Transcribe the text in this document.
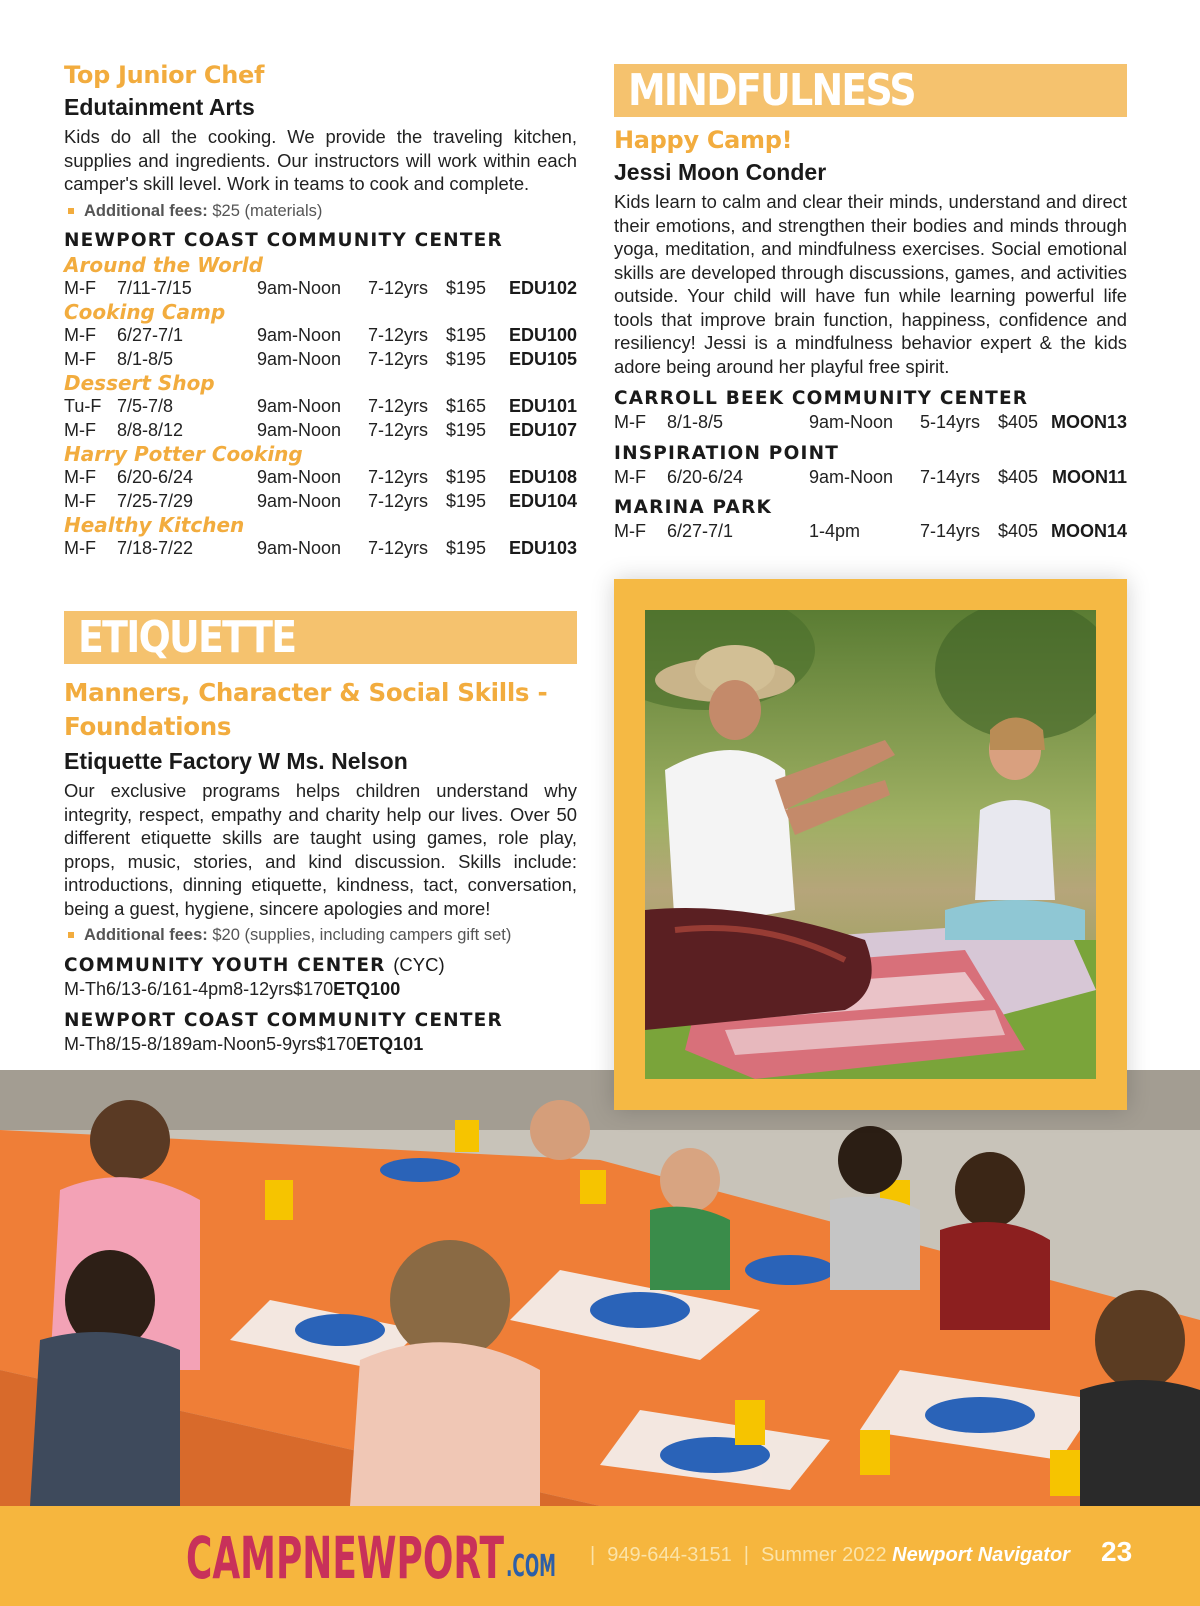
Top Junior Chef
Edutainment Arts
Kids do all the cooking. We provide the traveling kitchen, supplies and ingredients. Our instructors will work within each camper's skill level. Work in teams to cook and complete.
Additional fees: $25 (materials)
NEWPORT COAST COMMUNITY CENTER
Around the World
M-F	7/11-7/15	9am-Noon	7-12yrs $195	EDU102
Cooking Camp
M-F	6/27-7/1	9am-Noon	7-12yrs $195	EDU100
M-F	8/1-8/5	9am-Noon	7-12yrs $195	EDU105
Dessert Shop
Tu-F 7/5-7/8	9am-Noon	7-12yrs $165	EDU101
M-F	8/8-8/12	9am-Noon	7-12yrs $195	EDU107
Harry Potter Cooking
M-F	6/20-6/24	9am-Noon	7-12yrs $195	EDU108
M-F	7/25-7/29	9am-Noon	7-12yrs $195	EDU104
Healthy Kitchen
M-F	7/18-7/22	9am-Noon	7-12yrs $195	EDU103
ETIQUETTE
Manners, Character & Social Skills - Foundations
Etiquette Factory W Ms. Nelson
Our exclusive programs helps children understand why integrity, respect, empathy and charity help our lives. Over 50 different etiquette skills are taught using games, role play, props, music, stories, and kind discussion. Skills include: introductions, dinning etiquette, kindness, tact, conversation, being a guest, hygiene, sincere apologies and more!
Additional fees: $20 (supplies, including campers gift set)
COMMUNITY YOUTH CENTER (CYC)
M-Th 6/13-6/16 1-4pm 8-12yrs $170 ETQ100
NEWPORT COAST COMMUNITY CENTER
M-Th 8/15-8/18 9am-Noon 5-9yrs $170 ETQ101
MINDFULNESS
Happy Camp!
Jessi Moon Conder
Kids learn to calm and clear their minds, understand and direct their emotions, and strengthen their bodies and minds through yoga, meditation, and mindfulness exercises. Social emotional skills are developed through discussions, games, and activities outside. Your child will have fun while learning powerful life tools that improve brain function, happiness, confidence and resiliency! Jessi is a mindfulness behavior expert & the kids adore being around her playful free spirit.
CARROLL BEEK COMMUNITY CENTER
M-F	8/1-8/5	9am-Noon	5-14yrs $405 MOON13
INSPIRATION POINT
M-F	6/20-6/24	9am-Noon	7-14yrs $405 MOON11
MARINA PARK
M-F	6/27-7/1	1-4pm	7-14yrs $405 MOON14
CAMPNEWPORT .COM	| 949-644-3151 | Summer 2022 Newport Navigator 23
